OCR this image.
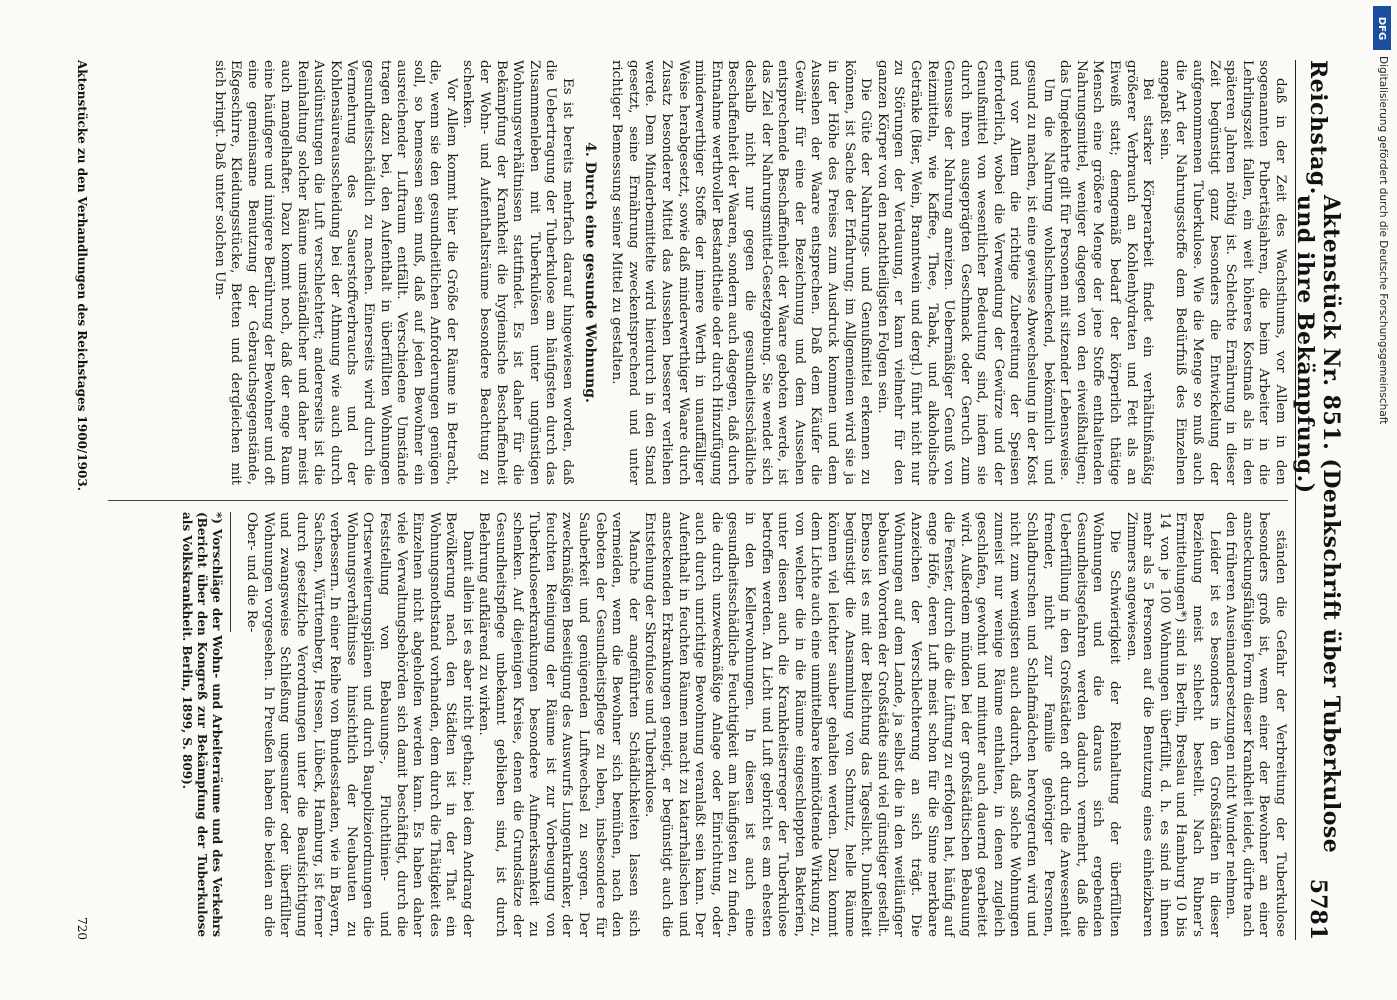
Reichstag.
Aktenstück Nr. 851. (Denkschrift über Tuberkulose und ihre Bekämpfung.)
5781

daß in der Zeit des Wachsthums, vor Allem in den sogenannten Pubertätsjahren, die beim Arbeiter in die Lehrlingszeit fallen, ein weit höheres Kostmaß als in den späteren Jahren nöthig ist. Schlechte Ernährung in dieser Zeit begünstigt ganz besonders die Entwickelung der aufgenommenen Tuberkulose. Wie die Menge so muß auch die Art der Nahrungsstoffe dem Bedürfniß des Einzelnen angepaßt sein.

Bei starker Körperarbeit findet ein verhältnißmäßig größerer Verbrauch an Kohlenhydraten und Fett als an Eiweiß statt; demgemäß bedarf der körperlich thätige Mensch eine größere Menge der jene Stoffe enthaltenden Nahrungsmittel, weniger dagegen von den eiweißhaltigen; das Umgekehrte gilt für Personen mit sitzender Lebensweise.

Um die Nahrung wohlschmeckend, bekömmlich und gesund zu machen, ist eine gewisse Abwechselung in der Kost und vor Allem die richtige Zubereitung der Speisen erforderlich, wobei die Verwendung der Gewürze und der Genußmittel von wesentlicher Bedeutung sind, indem sie durch ihren ausgeprägten Geschmack oder Geruch zum Genusse der Nahrung anreizen. Uebermäßiger Genuß von Reizmitteln, wie Kaffee, Thee, Tabak, und alkoholische Getränke (Bier, Wein, Branntwein und dergl.) führt nicht nur zu Störungen der Verdauung, er kann vielmehr für den ganzen Körper von den nachtheiligsten Folgen sein.

Die Güte der Nahrungs- und Genußmittel erkennen zu können, ist Sache der Erfahrung; im Allgemeinen wird sie ja in der Höhe des Preises zum Ausdruck kommen und dem Aussehen der Waare entsprechen. Daß dem Käufer die Gewähr für eine der Bezeichnung und dem Aussehen entsprechende Beschaffenheit der Waare geboten werde, ist das Ziel der Nahrungsmittel-Gesetzgebung. Sie wendet sich deshalb nicht nur gegen die gesundheitsschädliche Beschaffenheit der Waaren, sondern auch dagegen, daß durch Entnahme werthvoller Bestandtheile oder durch Hinzufügung minderwerthiger Stoffe der innere Werth in unauffälliger Weise herabgesetzt, sowie daß minderwerthiger Waare durch Zusatz besonderer Mittel das Aussehen besserer verliehen werde. Dem Minderbemittelte wird hierdurch in den Stand gesetzt, seine Ernährung zweckentsprechend und unter richtiger Bemessung seiner Mittel zu gestalten.

4. Durch eine gesunde Wohnung.

Es ist bereits mehrfach darauf hingewiesen worden, daß die Uebertragung der Tuberkulose am häufigsten durch das Zusammenleben mit Tuberkulösen unter ungünstigen Wohnungsverhältnissen stattfindet. Es ist daher für die Bekämpfung der Krankheit die hygienische Beschaffenheit der Wohn- und Aufenthaltsräume besondere Beachtung zu schenken.

Vor Allem kommt hier die Größe der Räume in Betracht, die, wenn sie den gesundheitlichen Anforderungen genügen soll, so bemessen sein muß, daß auf jeden Bewohner ein ausreichender Luftraum entfällt. Verschiedene Umstände tragen dazu bei, den Aufenthalt in überfüllten Wohnungen gesundheitsschädlich zu machen. Einerseits wird durch die Vermehrung des Sauerstoffverbrauchs und der Kohlensäureausscheidung bei der Athmung wie auch durch Ausdünstungen die Luft verschlechtert; andererseits ist die Reinhaltung solcher Räume umständlicher und daher meist auch mangelhafter. Dazu kommt noch, daß der enge Raum eine häufigere und innigere Berührung der Bewohner und oft eine gemeinsame Benutzung der Gebrauchsgegenstände, Eßgeschirre, Kleidungsstücke, Betten und dergleichen mit sich bringt. Daß unter solchen Um-

ständen die Gefahr der Verbreitung der Tuberkulose besonders groß ist, wenn einer der Bewohner an einer ansteckungsfähigen Form dieser Krankheit leidet, dürfte nach den früheren Auseinandersetzungen nicht Wunder nehmen.

Leider ist es besonders in den Großstädten in dieser Beziehung meist schlecht bestellt. Nach Rubner's Ermittelungen*) sind in Berlin, Breslau und Hamburg 10 bis 14 von je 100 Wohnungen überfüllt, d. h. es sind in ihnen mehr als 5 Personen auf die Benutzung eines einheizbaren Zimmers angewiesen.

Die Schwierigkeit der Reinhaltung der überfüllten Wohnungen und die daraus sich ergebenden Gesundheitsgefahren werden dadurch vermehrt, daß die Ueberfüllung in den Großstädten oft durch die Anwesenheit fremder, nicht zur Familie gehöriger Personen, Schlafburschen und Schlafmädchen hervorgerufen wird und nicht zum wenigsten auch dadurch, daß solche Wohnungen zumeist nur wenige Räume enthalten, in denen zugleich geschlafen, gewohnt und mitunter auch dauernd gearbeitet wird. Außerdem münden bei der großstädtischen Bebauung die Fenster, durch die die Lüftung zu erfolgen hat, häufig auf enge Höfe, deren Luft meist schon für die Sinne merkbare Anzeichen der Verschlechterung an sich trägt. Die Wohnungen auf dem Lande, ja selbst die in den weitläufiger bebauten Vororten der Großstädte sind viel günstiger gestellt. Ebenso ist es mit der Belichtung das Tageslicht. Dunkelheit begünstigt die Ansammlung von Schmutz, helle Räume können viel leichter sauber gehalten werden. Dazu kommt dem Lichte auch eine unmittelbare keimtödtende Wirkung zu, von welcher die in die Räume eingeschleppten Bakterien, unter diesen auch die Krankheitserreger der Tuberkulose betroffen werden. An Licht und Luft gebricht es am ehesten in den Kellerwohnungen. In diesen ist auch eine gesundheitsschädliche Feuchtigkeit am häufigsten zu finden, die durch unzweckmäßige Anlage oder Einrichtung, oder auch durch unrichtige Bewohnung veranlaßt sein kann. Der Aufenthalt in feuchten Räumen macht zu katarrhalischen und ansteckenden Erkrankungen geneigt, er begünstigt auch die Entstehung der Skrofulose und Tuberkulose.

Manche der angeführten Schädlichkeiten lassen sich vermeiden, wenn die Bewohner sich bemühen, nach den Geboten der Gesundheitspflege zu leben, insbesondere für Sauberkeit und genügenden Luftwechsel zu sorgen. Der zweckmäßigen Beseitigung des Auswurfs Lungenkranker, der feuchten Reinigung der Räume ist zur Vorbeugung von Tuberkuloseerkrankungen besondere Aufmerksamkeit zu schenken. Auf diejenigen Kreise, denen die Grundsätze der Gesundheitspflege unbekannt geblieben sind, ist durch Belehrung aufklärend zu wirken.

Damit allein ist es aber nicht gethan; bei dem Andrang der Bevölkerung nach den Städten ist in der That ein Wohnungsnothstand vorhanden, dem durch die Thätigkeit des Einzelnen nicht abgeholfen werden kann. Es haben daher viele Verwaltungsbehörden sich damit beschäftigt, durch die Feststellung von Bebauungs-, Fluchtlinien- und Ortserweiterungsplänen und durch Baupolizeiordnungen die Wohnungsverhältnisse hinsichtlich der Neubauten zu verbessern. In einer Reihe von Bundesstaaten, wie in Bayern, Sachsen, Württemberg, Hessen, Lübeck, Hamburg, ist ferner durch gesetzliche Verordnungen unter die Beaufsichtigung und zwangsweise Schließung ungesunder oder überfüllter Wohnungen vorgesehen. In Preußen haben die beiden an die Ober- und die Re-

*) Vorschläge der Wohn- und Arbeiterräume und des Verkehrs (Bericht über den Kongreß zur Bekämpfung der Tuberkulose als Volkskrankheit. Berlin, 1899, S. 809).

Aktenstücke zu den Verhandlungen des Reichstages 1900/1903.
720
DFG
Digitalisierung gefördert durch die Deutsche Forschungsgemeinschaft
